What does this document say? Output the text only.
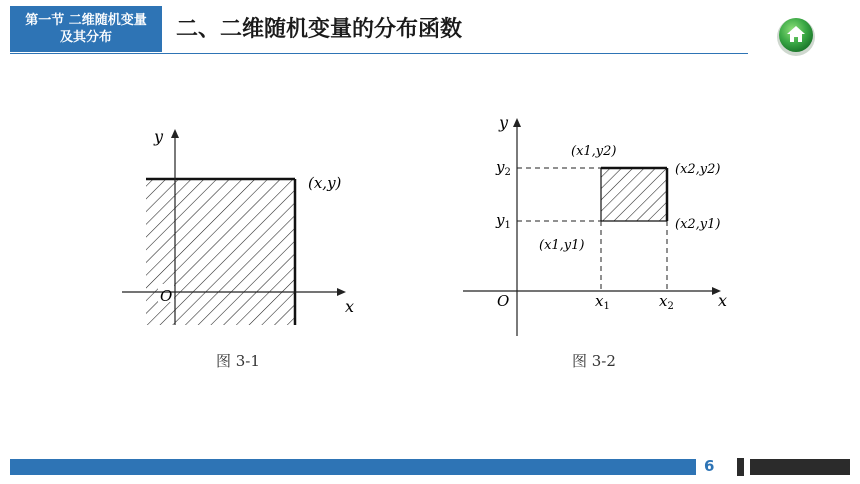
第一节 二维随机变量及其分布	二、二维随机变量的分布函数
y
x
O
(x,y)
图 3-1
y
x
O
$y_2$
$y_1$
$x_1$	$x_2$
(x1,y2)
(x2,y2)
(x2,y1)
(x1,y1)
图 3-2
6
